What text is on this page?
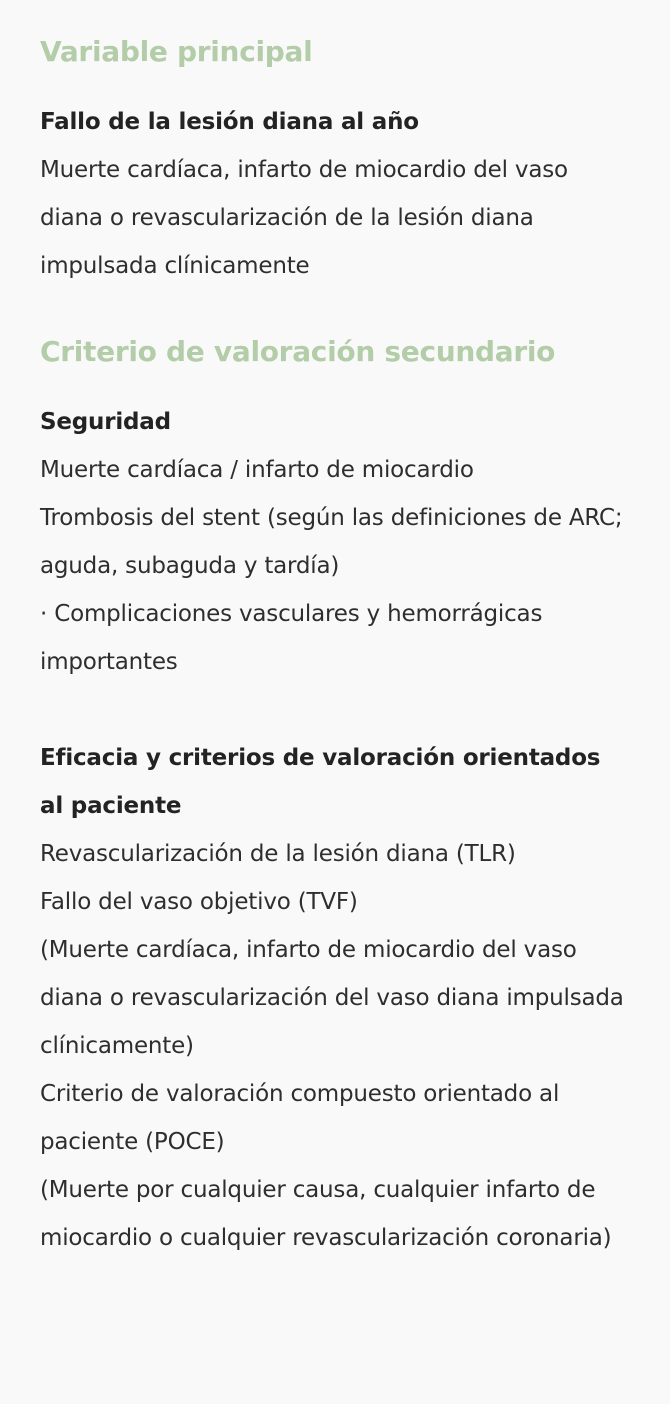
Variable principal

Fallo de la lesión diana al año

Muerte cardíaca, infarto de miocardio del vaso diana o revascularización de la lesión diana impulsada clínicamente

Criterio de valoración secundario

Seguridad

Muerte cardíaca / infarto de miocardio

Trombosis del stent (según las definiciones de ARC; aguda, subaguda y tardía)

· Complicaciones vasculares y hemorrágicas importantes

Eficacia y criterios de valoración orientados al paciente

Revascularización de la lesión diana (TLR)

Fallo del vaso objetivo (TVF)

(Muerte cardíaca, infarto de miocardio del vaso diana o revascularización del vaso diana impulsada clínicamente)

Criterio de valoración compuesto orientado al paciente (POCE)

(Muerte por cualquier causa, cualquier infarto de miocardio o cualquier revascularización coronaria)
